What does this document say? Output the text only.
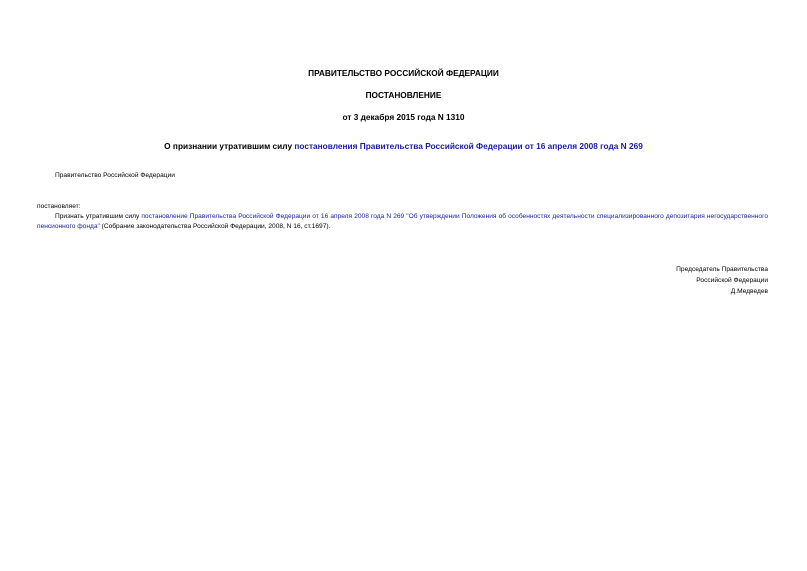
ПРАВИТЕЛЬСТВО РОССИЙСКОЙ ФЕДЕРАЦИИ
ПОСТАНОВЛЕНИЕ
от 3 декабря 2015 года N 1310
О признании утратившим силу постановления Правительства Российской Федерации от 16 апреля 2008 года N 269
Правительство Российской Федерации
постановляет:
Признать утратившим силу постановление Правительства Российской Федерации от 16 апреля 2008 года N 269 "Об утверждении Положения об особенностях деятельности специализированного депозитария негосударственного пенсионного фонда" (Собрание законодательства Российской Федерации, 2008, N 16, ст.1697).
Председатель Правительства
Российской Федерации
Д.Медведев
